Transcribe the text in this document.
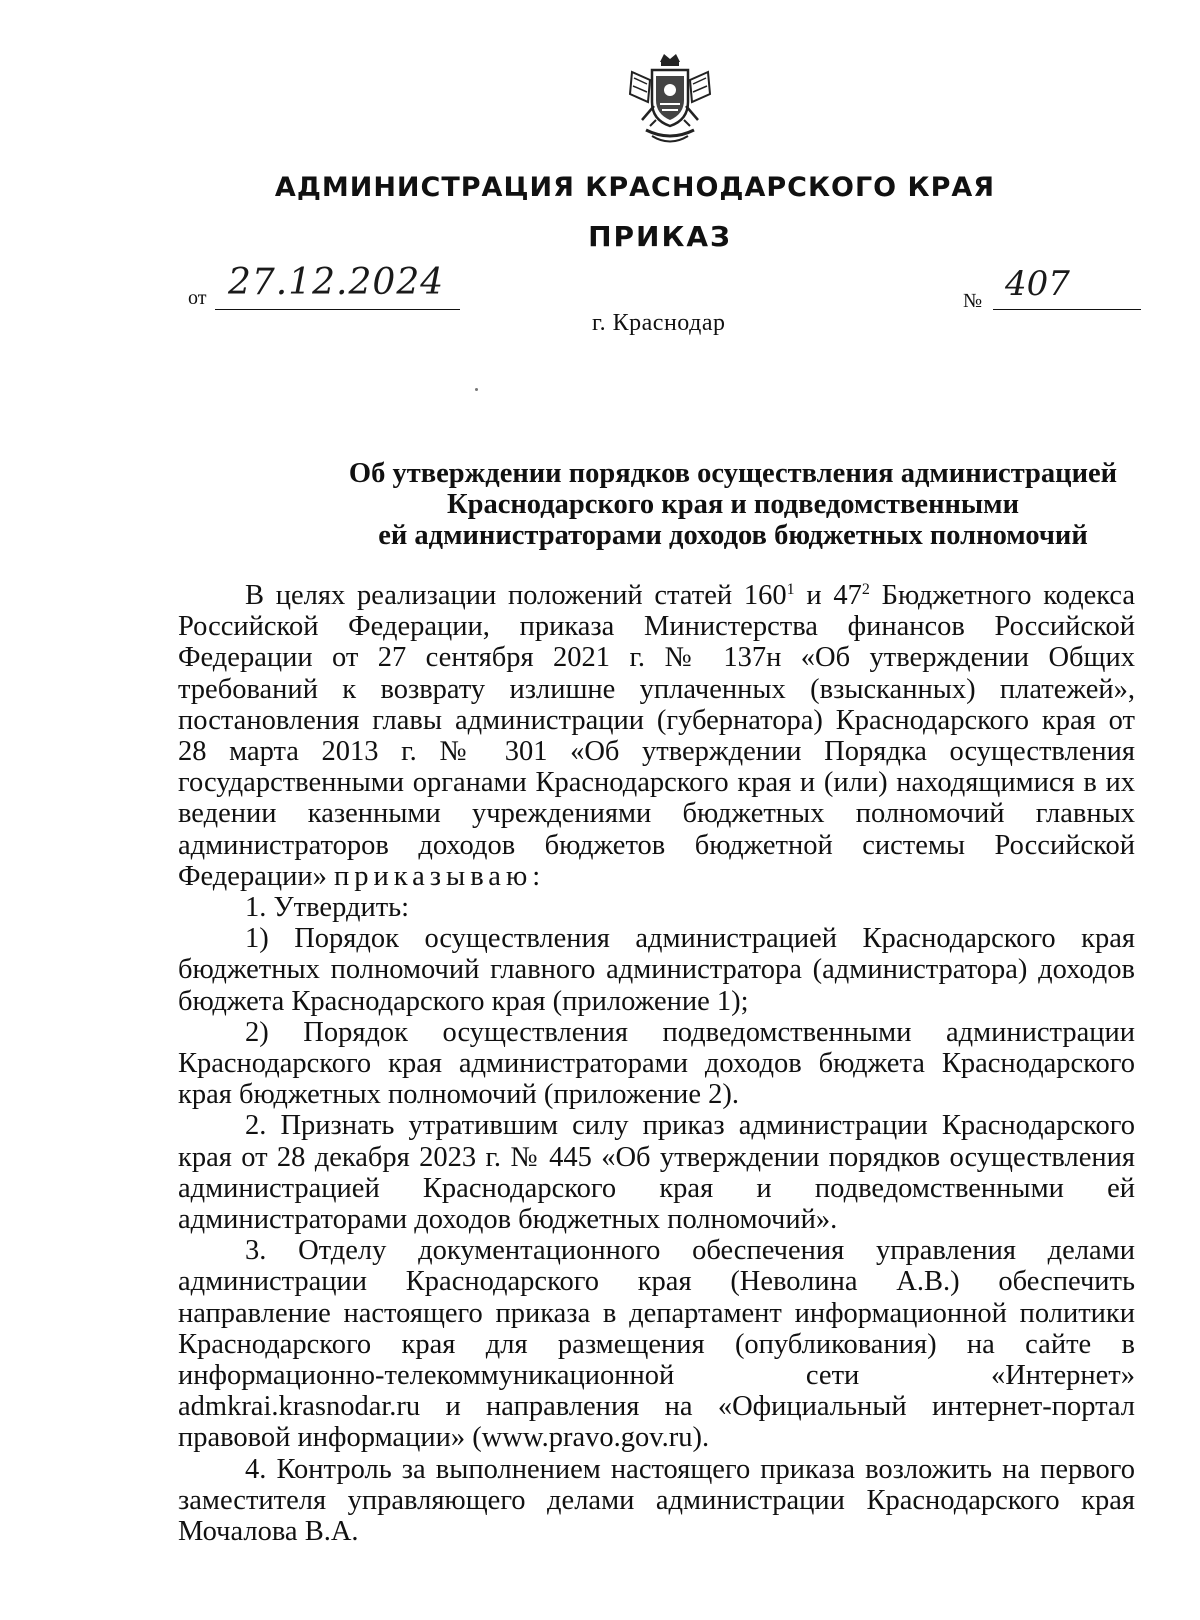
АДМИНИСТРАЦИЯ КРАСНОДАРСКОГО КРАЯ
ПРИКАЗ
от 27.12.2024	№ 407
г. Краснодар
Об утверждении порядков осуществления администрацией
Краснодарского края и подведомственными
ей администраторами доходов бюджетных полномочий
В целях реализации положений статей $160^1$ и $47^2$ Бюджетного кодекса Российской Федерации, приказа Министерства финансов Российской Федерации от 27 сентября 2021 г. № 137н «Об утверждении Общих требований к возврату излишне уплаченных (взысканных) платежей», постановления главы администрации (губернатора) Краснодарского края от 28 марта 2013 г. № 301 «Об утверждении Порядка осуществления государственными органами Краснодарского края и (или) находящимися в их ведении казенными учреждениями бюджетных полномочий главных администраторов доходов бюджетов бюджетной системы Российской Федерации» приказываю:
1. Утвердить:
1) Порядок осуществления администрацией Краснодарского края бюджетных полномочий главного администратора (администратора) доходов бюджета Краснодарского края (приложение 1);
2) Порядок осуществления подведомственными администрации Краснодарского края администраторами доходов бюджета Краснодарского края бюджетных полномочий (приложение 2).
2. Признать утратившим силу приказ администрации Краснодарского края от 28 декабря 2023 г. № 445 «Об утверждении порядков осуществления администрацией Краснодарского края и подведомственными ей администраторами доходов бюджетных полномочий».
3. Отделу документационного обеспечения управления делами администрации Краснодарского края (Неволина А.В.) обеспечить направление настоящего приказа в департамент информационной политики Краснодарского края для размещения (опубликования) на сайте в информационно-телекоммуникационной сети «Интернет» admkrai.krasnodar.ru и направления на «Официальный интернет-портал правовой информации» (www.pravo.gov.ru).
4. Контроль за выполнением настоящего приказа возложить на первого заместителя управляющего делами администрации Краснодарского края Мочалова В.А.
